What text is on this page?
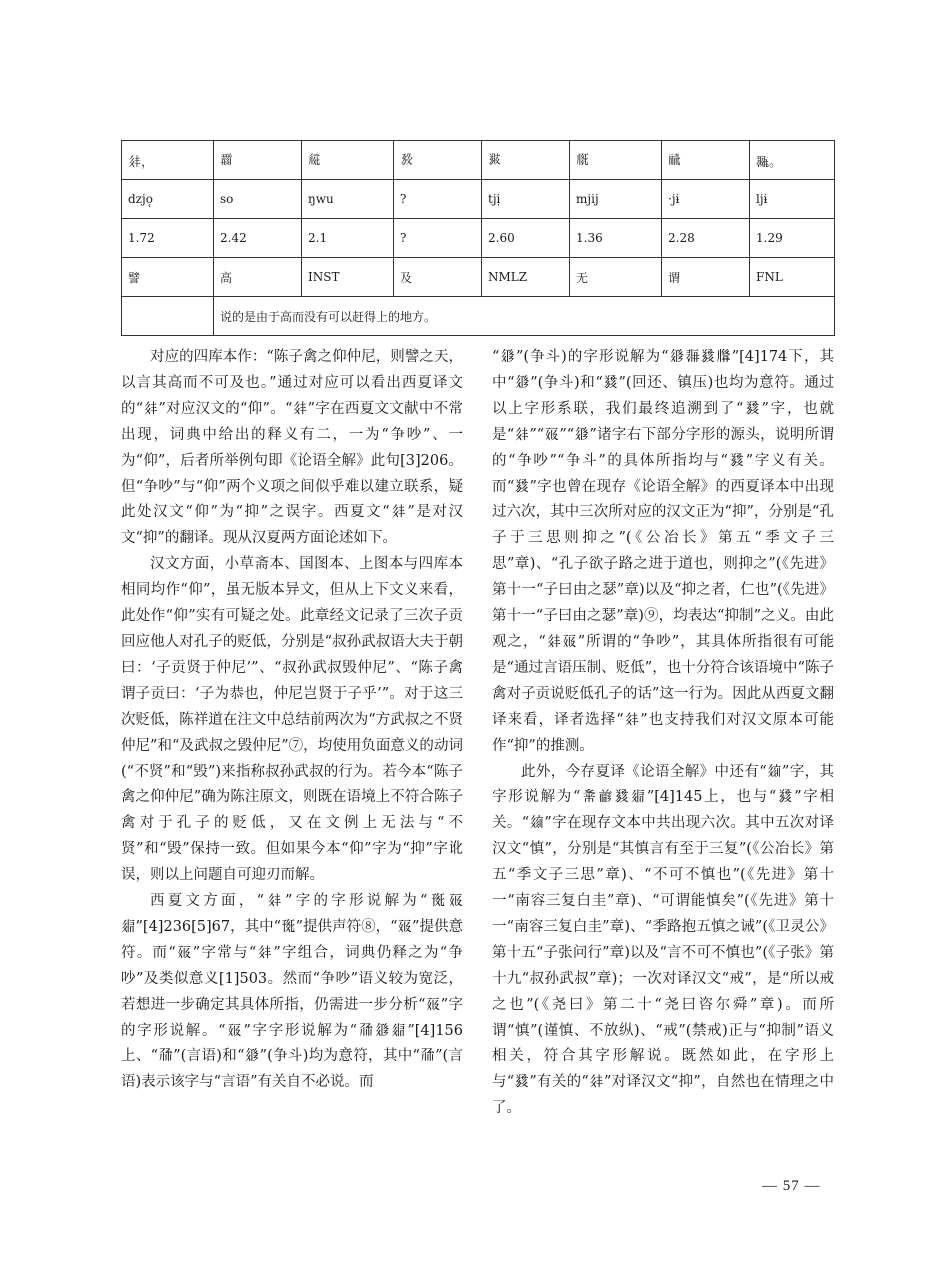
𗢳，	𗵆	𗏁	𗉔	𗯴	𗅋	𗟻	𗖵。
dzjo̜	so	ŋwu	?	tjị	mjij	·jɨ	ljɨ
1.72	2.42	2.1	?	2.60	1.36	2.28	1.29
譬	高	INST	及	NMLZ	无	谓	FNL
	说的是由于高而没有可以赶得上的地方。						

对应的四库本作：“陈子禽之仰仲尼，则譬之天，以言其高而不可及也。”通过对应可以看出西夏译文的“𗢳”对应汉文的“仰”。“𗢳”字在西夏文文献中不常出现，词典中给出的释义有二，一为“争吵”、一为“仰”，后者所举例句即《论语全解》此句[3]206。但“争吵”与“仰”两个义项之间似乎难以建立联系，疑此处汉文“仰”为“抑”之误字。西夏文“𗢳”是对汉文“抑”的翻译。现从汉夏两方面论述如下。

汉文方面，小草斋本、国图本、上图本与四库本相同均作“仰”，虽无版本异文，但从上下文义来看，此处作“仰”实有可疑之处。此章经文记录了三次子贡回应他人对孔子的贬低，分别是“叔孙武叔语大夫于朝曰：‘子贡贤于仲尼’”、“叔孙武叔毁仲尼”、“陈子禽谓子贡曰：‘子为恭也，仲尼岂贤于子乎’”。对于这三次贬低，陈祥道在注文中总结前两次为“方武叔之不贤仲尼”和“及武叔之毁仲尼”⑦，均使用负面意义的动词(“不贤”和“毁”)来指称叔孙武叔的行为。若今本“陈子禽之仰仲尼”确为陈注原文，则既在语境上不符合陈子禽对于孔子的贬低，又在文例上无法与“不贤”和“毁”保持一致。但如果今本“仰”字为“抑”字讹误，则以上问题自可迎刃而解。

西夏文方面，“𗢳”字的字形说解为“𗍊𗡞𗤋”[4]236[5]67，其中“𗍊”提供声符⑧，“𗡞”提供意符。而“𗡞”字常与“𗢳”字组合，词典仍释之为“争吵”及类似意义[1]503。然而“争吵”语义较为宽泛，若想进一步确定其具体所指，仍需进一步分析“𗡞”字的字形说解。“𗡞”字字形说解为“𗗙𗤁𗤋”[4]156上、“𗗙”(言语)和“𗤁”(争斗)均为意符，其中“𗗙”(言语)表示该字与“言语”有关自不必说。而

“𗤁”(争斗)的字形说解为“𗤁𗖐𗯿𗆄”[4]174下，其中“𗤁”(争斗)和“𗯿”(回还、镇压)也均为意符。通过以上字形系联，我们最终追溯到了“𗯿”字，也就是“𗢳”“𗡞”“𗤁”诸字右下部分字形的源头，说明所谓的“争吵”“争斗”的具体所指均与“𗯿”字义有关。而“𗯿”字也曾在现存《论语全解》的西夏译本中出现过六次，其中三次所对应的汉文正为“抑”，分别是“孔子于三思则抑之”(《公冶长》第五“季文子三思”章)、“孔子欲子路之进于道也，则抑之”(《先进》第十一“子曰由之瑟”章)以及“抑之者，仁也”(《先进》第十一“子曰由之瑟”章)⑨，均表达“抑制”之义。由此观之，“𗢳𗡞”所谓的“争吵”，其具体所指很有可能是“通过言语压制、贬低”，也十分符合该语境中“陈子禽对子贡说贬低孔子的话”这一行为。因此从西夏文翻译来看，译者选择“𗢳”也支持我们对汉文原本可能作“抑”的推测。

此外，今存夏译《论语全解》中还有“𗦻”字，其字形说解为“𗐏𗑗𗯿𗤋”[4]145上，也与“𗯿”字相关。“𗦻”字在现存文本中共出现六次。其中五次对译汉文“慎”，分别是“其慎言有至于三复”(《公冶长》第五“季文子三思”章)、“不可不慎也”(《先进》第十一“南容三复白圭”章)、“可谓能慎矣”(《先进》第十一“南容三复白圭”章)、“季路抱五慎之诫”(《卫灵公》第十五“子张问行”章)以及“言不可不慎也”(《子张》第十九“叔孙武叔”章)；一次对译汉文“戒”，是“所以戒之也”(《尧曰》第二十“尧曰咨尔舜”章)。而所谓“慎”(谨慎、不放纵)、“戒”(禁戒)正与“抑制”语义相关，符合其字形解说。既然如此，在字形上与“𗯿”有关的“𗢳”对译汉文“抑”，自然也在情理之中了。

— 57 —
